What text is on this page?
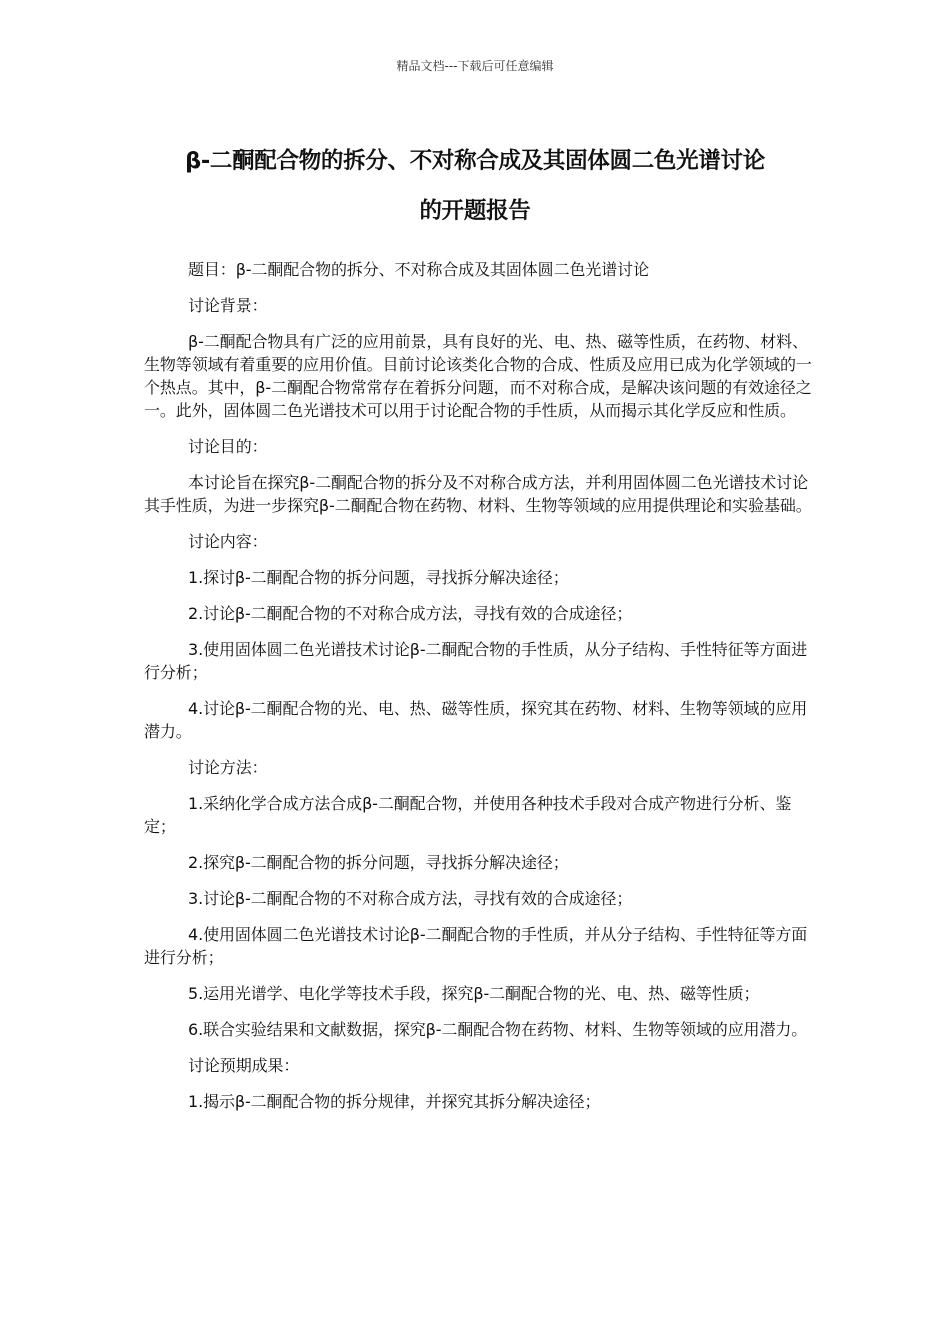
精品文档---下载后可任意编辑
β-二酮配合物的拆分、不对称合成及其固体圆二色光谱讨论
的开题报告

题目：β-二酮配合物的拆分、不对称合成及其固体圆二色光谱讨论

讨论背景：

β-二酮配合物具有广泛的应用前景，具有良好的光、电、热、磁等性质，在药物、材料、生物等领域有着重要的应用价值。目前讨论该类化合物的合成、性质及应用已成为化学领域的一个热点。其中，β-二酮配合物常常存在着拆分问题，而不对称合成，是解决该问题的有效途径之一。此外，固体圆二色光谱技术可以用于讨论配合物的手性质，从而揭示其化学反应和性质。

讨论目的：

本讨论旨在探究β-二酮配合物的拆分及不对称合成方法，并利用固体圆二色光谱技术讨论其手性质，为进一步探究β-二酮配合物在药物、材料、生物等领域的应用提供理论和实验基础。

讨论内容：

1.探讨β-二酮配合物的拆分问题，寻找拆分解决途径；

2.讨论β-二酮配合物的不对称合成方法，寻找有效的合成途径；

3.使用固体圆二色光谱技术讨论β-二酮配合物的手性质，从分子结构、手性特征等方面进行分析；

4.讨论β-二酮配合物的光、电、热、磁等性质，探究其在药物、材料、生物等领域的应用潜力。

讨论方法：

1.采纳化学合成方法合成β-二酮配合物，并使用各种技术手段对合成产物进行分析、鉴定；

2.探究β-二酮配合物的拆分问题，寻找拆分解决途径；

3.讨论β-二酮配合物的不对称合成方法，寻找有效的合成途径；

4.使用固体圆二色光谱技术讨论β-二酮配合物的手性质，并从分子结构、手性特征等方面进行分析；

5.运用光谱学、电化学等技术手段，探究β-二酮配合物的光、电、热、磁等性质；

6.联合实验结果和文献数据，探究β-二酮配合物在药物、材料、生物等领域的应用潜力。

讨论预期成果：

1.揭示β-二酮配合物的拆分规律，并探究其拆分解决途径；
